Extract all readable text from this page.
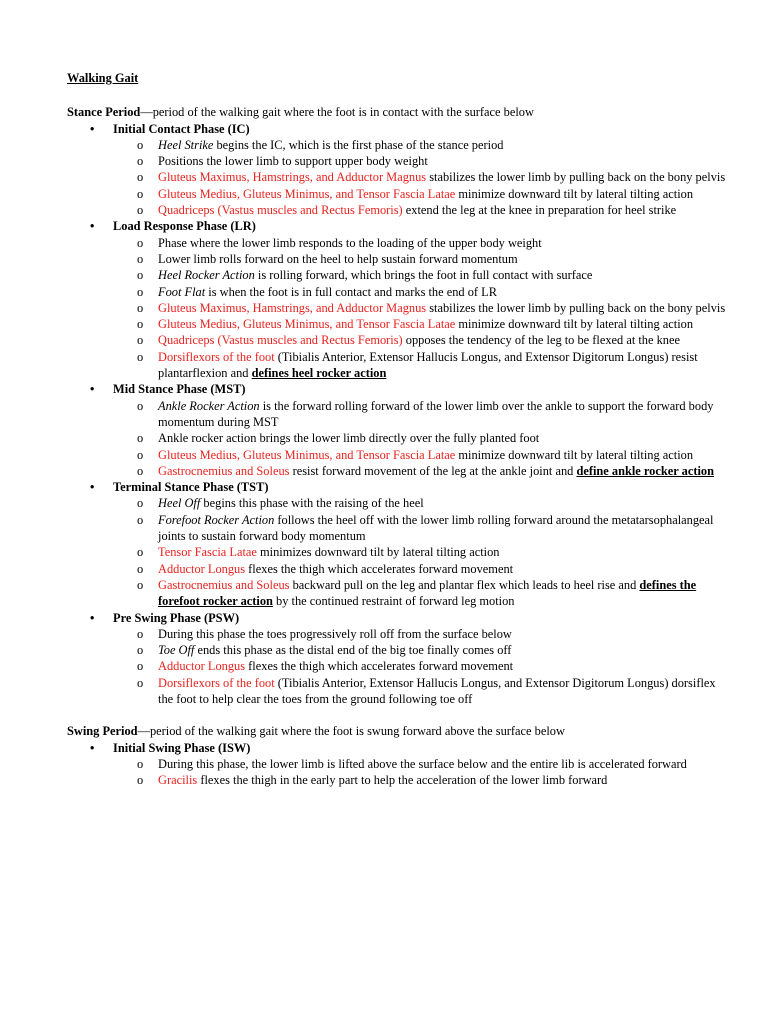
Walking Gait

Stance Period—period of the walking gait where the foot is in contact with the surface below

• Initial Contact Phase (IC)
o Heel Strike begins the IC, which is the first phase of the stance period
o Positions the lower limb to support upper body weight
o Gluteus Maximus, Hamstrings, and Adductor Magnus stabilizes the lower limb by pulling back on the bony pelvis
o Gluteus Medius, Gluteus Minimus, and Tensor Fascia Latae minimize downward tilt by lateral tilting action
o Quadriceps (Vastus muscles and Rectus Femoris) extend the leg at the knee in preparation for heel strike
• Load Response Phase (LR)
o Phase where the lower limb responds to the loading of the upper body weight
o Lower limb rolls forward on the heel to help sustain forward momentum
o Heel Rocker Action is rolling forward, which brings the foot in full contact with surface
o Foot Flat is when the foot is in full contact and marks the end of LR
o Gluteus Maximus, Hamstrings, and Adductor Magnus stabilizes the lower limb by pulling back on the bony pelvis
o Gluteus Medius, Gluteus Minimus, and Tensor Fascia Latae minimize downward tilt by lateral tilting action
o Quadriceps (Vastus muscles and Rectus Femoris) opposes the tendency of the leg to be flexed at the knee
o Dorsiflexors of the foot (Tibialis Anterior, Extensor Hallucis Longus, and Extensor Digitorum Longus) resist plantarflexion and defines heel rocker action
• Mid Stance Phase (MST)
o Ankle Rocker Action is the forward rolling forward of the lower limb over the ankle to support the forward body momentum during MST
o Ankle rocker action brings the lower limb directly over the fully planted foot
o Gluteus Medius, Gluteus Minimus, and Tensor Fascia Latae minimize downward tilt by lateral tilting action
o Gastrocnemius and Soleus resist forward movement of the leg at the ankle joint and define ankle rocker action
• Terminal Stance Phase (TST)
o Heel Off begins this phase with the raising of the heel
o Forefoot Rocker Action follows the heel off with the lower limb rolling forward around the metatarsophalangeal joints to sustain forward body momentum
o Tensor Fascia Latae minimizes downward tilt by lateral tilting action
o Adductor Longus flexes the thigh which accelerates forward movement
o Gastrocnemius and Soleus backward pull on the leg and plantar flex which leads to heel rise and defines the forefoot rocker action by the continued restraint of forward leg motion
• Pre Swing Phase (PSW)
o During this phase the toes progressively roll off from the surface below
o Toe Off ends this phase as the distal end of the big toe finally comes off
o Adductor Longus flexes the thigh which accelerates forward movement
o Dorsiflexors of the foot (Tibialis Anterior, Extensor Hallucis Longus, and Extensor Digitorum Longus) dorsiflex the foot to help clear the toes from the ground following toe off

Swing Period—period of the walking gait where the foot is swung forward above the surface below

• Initial Swing Phase (ISW)
o During this phase, the lower limb is lifted above the surface below and the entire lib is accelerated forward
o Gracilis flexes the thigh in the early part to help the acceleration of the lower limb forward
